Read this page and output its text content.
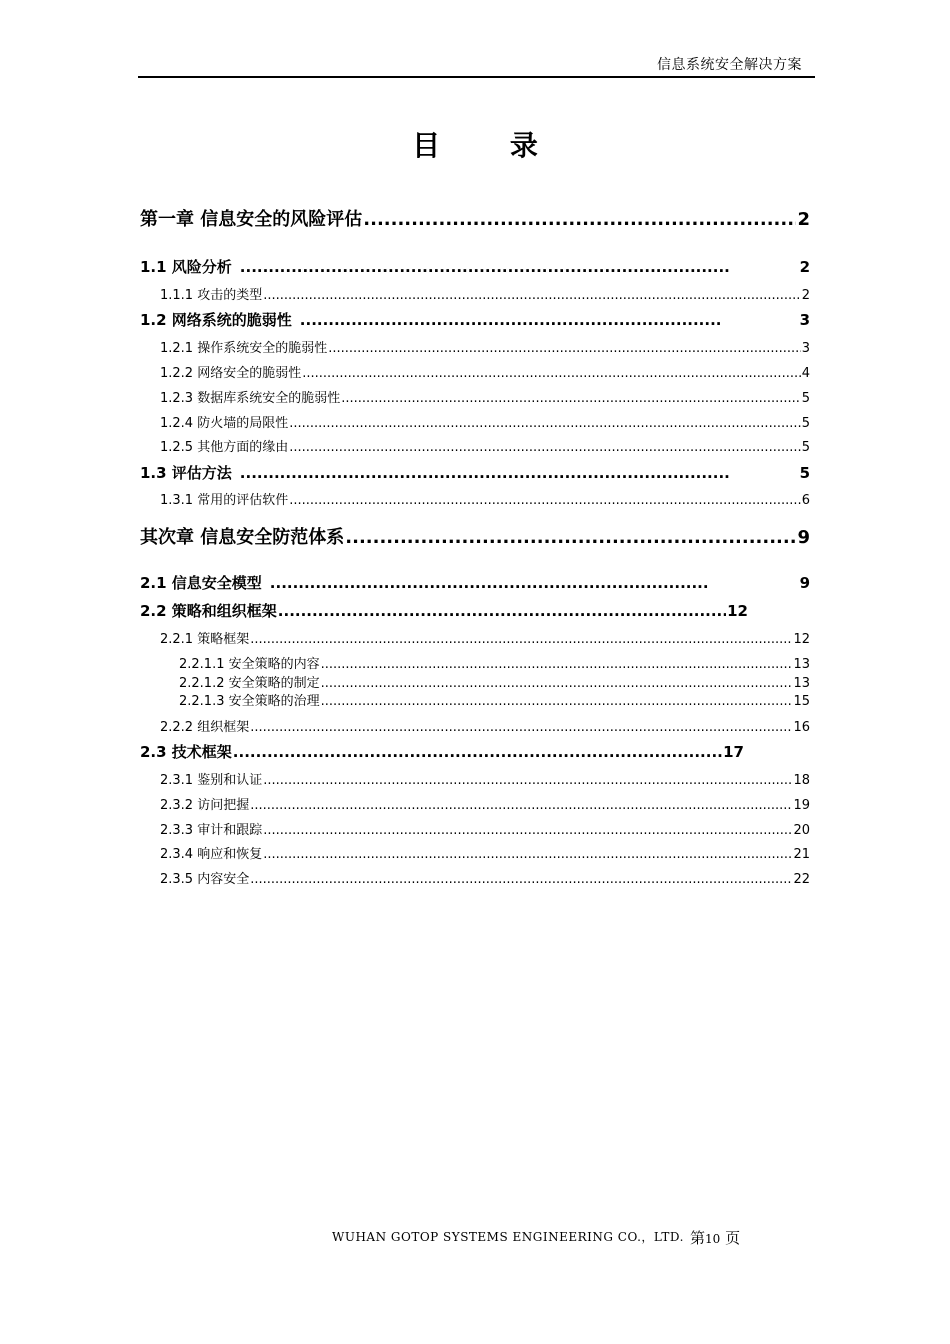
信息系统安全解决方案
目 录
第一章 信息安全的风险评估 .....	2
1.1 风险分析 .....	2
1.1.1 攻击的类型 .....	2
1.2 网络系统的脆弱性 .....	3
1.2.1 操作系统安全的脆弱性 .....	3
1.2.2 网络安全的脆弱性 .....	4
1.2.3 数据库系统安全的脆弱性 .....	5
1.2.4 防火墙的局限性 .....	5
1.2.5 其他方面的缘由 .....	5
1.3 评估方法 .....	5
1.3.1 常用的评估软件 .....	6
其次章 信息安全防范体系 .....	9
2.1 信息安全模型 .....	9
2.2 策略和组织框架 .....	12
2.2.1 策略框架 .....	12
2.2.1.1 安全策略的内容 .....	13
2.2.1.2 安全策略的制定 .....	13
2.2.1.3 安全策略的治理 .....	15
2.2.2 组织框架 .....	16
2.3 技术框架 .....	17
2.3.1 鉴别和认证 .....	18
2.3.2 访问把握 .....	19
2.3.3 审计和跟踪 .....	20
2.3.4 响应和恢复 .....	21
2.3.5 内容安全 .....	22
WUHAN GOTOP SYSTEMS ENGINEERING CO.，LTD. 第10 页
